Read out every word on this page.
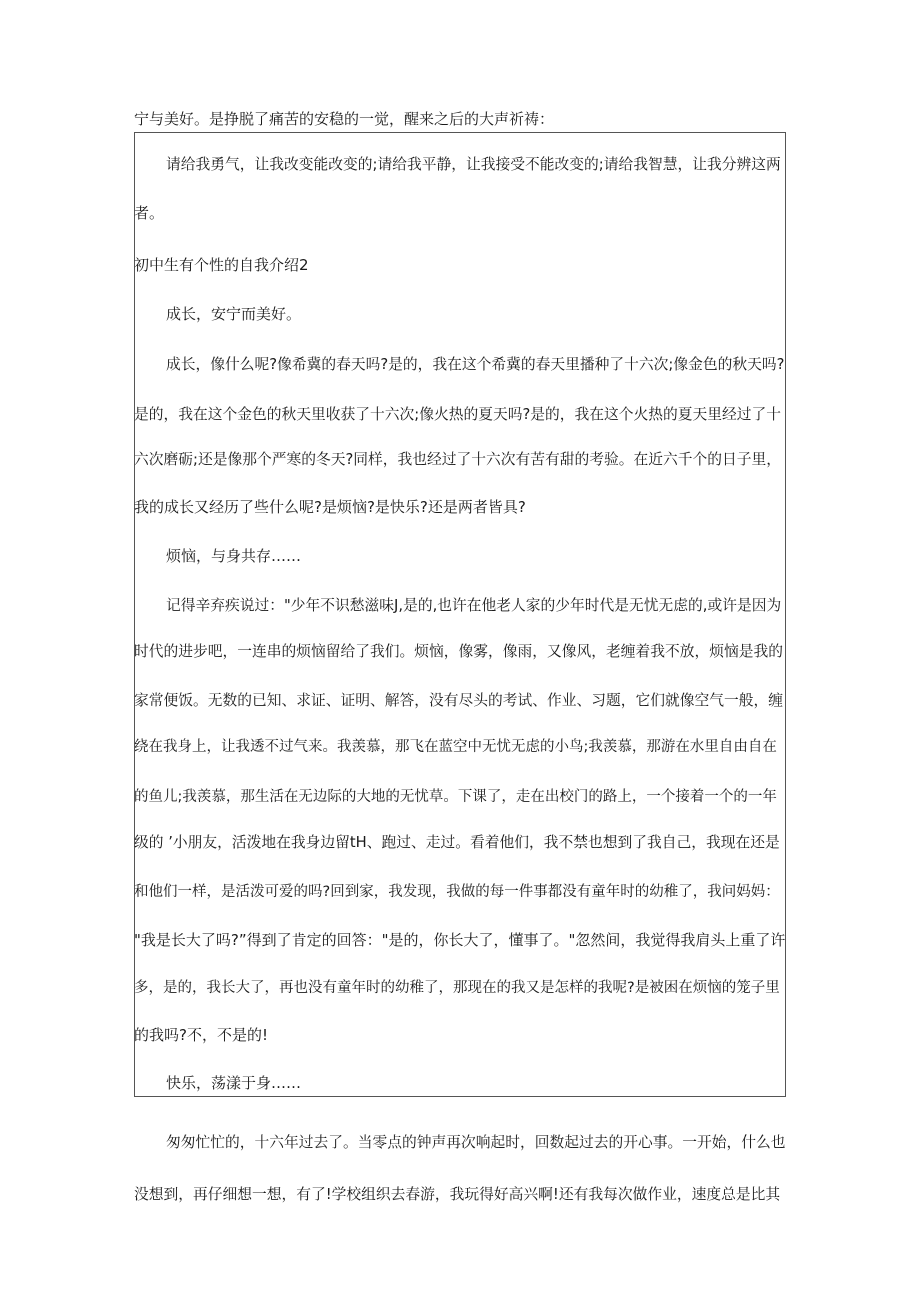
宁与美好。是挣脱了痛苦的安稳的一觉，醒来之后的大声祈祷：
请给我勇气，让我改变能改变的;请给我平静，让我接受不能改变的;请给我智慧，让我分辨这两
者。
初中生有个性的自我介绍2
成长，安宁而美好。
成长，像什么呢?像希冀的春天吗?是的，我在这个希冀的春天里播种了十六次;像金色的秋天吗?
是的，我在这个金色的秋天里收获了十六次;像火热的夏天吗?是的，我在这个火热的夏天里经过了十
六次磨砺;还是像那个严寒的冬天?同样，我也经过了十六次有苦有甜的考验。在近六千个的日子里，
我的成长又经历了些什么呢?是烦恼?是快乐?还是两者皆具?
烦恼，与身共存……
记得辛弃疾说过："少年不识愁滋味J,是的,也许在他老人家的少年时代是无忧无虑的,或许是因为
时代的进步吧，一连串的烦恼留给了我们。烦恼，像雾，像雨，又像风，老缠着我不放，烦恼是我的
家常便饭。无数的已知、求证、证明、解答，没有尽头的考试、作业、习题，它们就像空气一般，缠
绕在我身上，让我透不过气来。我羡慕，那飞在蓝空中无忧无虑的小鸟;我羡慕，那游在水里自由自在
的鱼儿;我羡慕，那生活在无边际的大地的无忧草。下课了，走在出校门的路上，一个接着一个的一年
级的 ’小朋友，活泼地在我身边留tH、跑过、走过。看着他们，我不禁也想到了我自己，我现在还是
和他们一样，是活泼可爱的吗?回到家，我发现，我做的每一件事都没有童年时的幼稚了，我问妈妈：
"我是长大了吗?”得到了肯定的回答："是的，你长大了，懂事了。"忽然间，我觉得我肩头上重了许
多，是的，我长大了，再也没有童年时的幼稚了，那现在的我又是怎样的我呢?是被困在烦恼的笼子里
的我吗?不，不是的!
快乐，荡漾于身……
匆匆忙忙的，十六年过去了。当零点的钟声再次响起时，回数起过去的开心事。一开始，什么也
没想到，再仔细想一想，有了!学校组织去春游，我玩得好高兴啊!还有我每次做作业，速度总是比其
